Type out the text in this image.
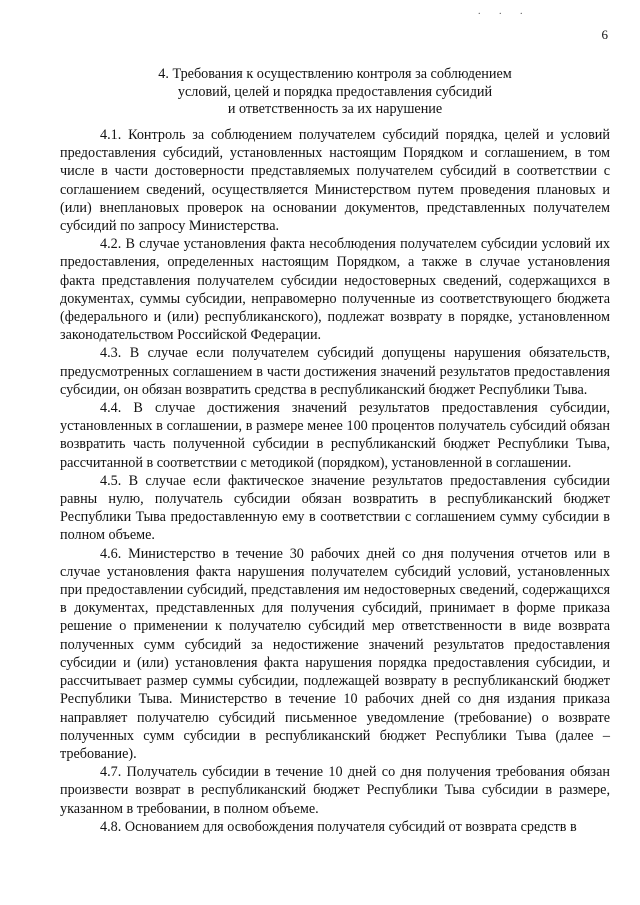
. . .
6
4. Требования к осуществлению контроля за соблюдением
условий, целей и порядка предоставления субсидий
и ответственность за их нарушение

4.1. Контроль за соблюдением получателем субсидий порядка, целей и условий предоставления субсидий, установленных настоящим Порядком и соглашением, в том числе в части достоверности представляемых получателем субсидий в соответствии с соглашением сведений, осуществляется Министерством путем проведения плановых и (или) внеплановых проверок на основании документов, представленных получателем субсидий по запросу Министерства.

4.2. В случае установления факта несоблюдения получателем субсидии условий их предоставления, определенных настоящим Порядком, а также в случае установления факта представления получателем субсидии недостоверных сведений, содержащихся в документах, суммы субсидии, неправомерно полученные из соответствующего бюджета (федерального и (или) республиканского), подлежат возврату в порядке, установленном законодательством Российской Федерации.

4.3. В случае если получателем субсидий допущены нарушения обязательств, предусмотренных соглашением в части достижения значений результатов предоставления субсидии, он обязан возвратить средства в республиканский бюджет Республики Тыва.

4.4. В случае достижения значений результатов предоставления субсидии, установленных в соглашении, в размере менее 100 процентов получатель субсидий обязан возвратить часть полученной субсидии в республиканский бюджет Республики Тыва, рассчитанной в соответствии с методикой (порядком), установленной в соглашении.

4.5. В случае если фактическое значение результатов предоставления субсидии равны нулю, получатель субсидии обязан возвратить в республиканский бюджет Республики Тыва предоставленную ему в соответствии с соглашением сумму субсидии в полном объеме.

4.6. Министерство в течение 30 рабочих дней со дня получения отчетов или в случае установления факта нарушения получателем субсидий условий, установленных при предоставлении субсидий, представления им недостоверных сведений, содержащихся в документах, представленных для получения субсидий, принимает в форме приказа решение о применении к получателю субсидий мер ответственности в виде возврата полученных сумм субсидий за недостижение значений результатов предоставления субсидии и (или) установления факта нарушения порядка предоставления субсидии, и рассчитывает размер суммы субсидии, подлежащей возврату в республиканский бюджет Республики Тыва. Министерство в течение 10 рабочих дней со дня издания приказа направляет получателю субсидий письменное уведомление (требование) о возврате полученных сумм субсидии в республиканский бюджет Республики Тыва (далее – требование).

4.7. Получатель субсидии в течение 10 дней со дня получения требования обязан произвести возврат в республиканский бюджет Республики Тыва субсидии в размере, указанном в требовании, в полном объеме.

4.8. Основанием для освобождения получателя субсидий от возврата средств в
